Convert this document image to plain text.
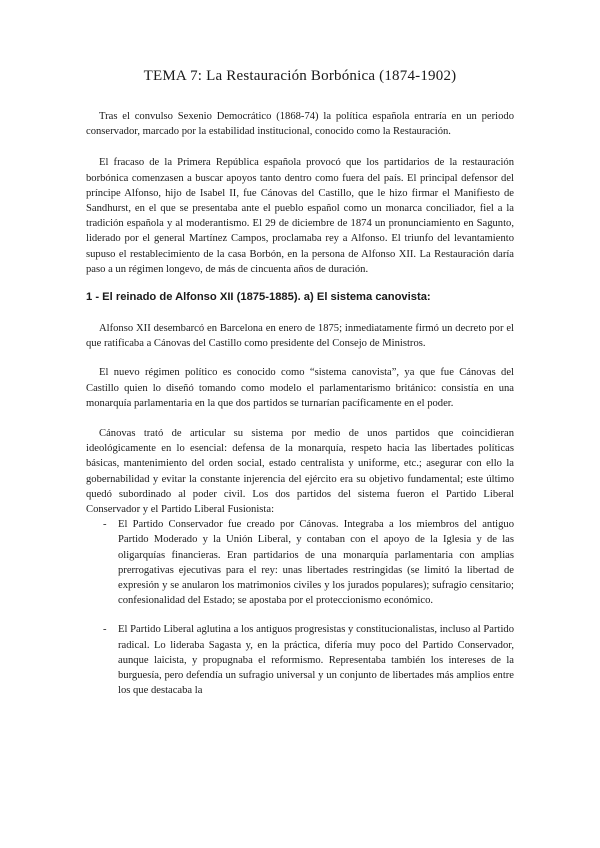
TEMA 7: La Restauración Borbónica (1874-1902)

Tras el convulso Sexenio Democrático (1868-74) la política española entraría en un periodo conservador, marcado por la estabilidad institucional, conocido como la Restauración.

El fracaso de la Primera República española provocó que los partidarios de la restauración borbónica comenzasen a buscar apoyos tanto dentro como fuera del país. El principal defensor del príncipe Alfonso, hijo de Isabel II, fue Cánovas del Castillo, que le hizo firmar el Manifiesto de Sandhurst, en el que se presentaba ante el pueblo español como un monarca conciliador, fiel a la tradición española y al moderantismo. El 29 de diciembre de 1874 un pronunciamiento en Sagunto, liderado por el general Martínez Campos, proclamaba rey a Alfonso. El triunfo del levantamiento supuso el restablecimiento de la casa Borbón, en la persona de Alfonso XII. La Restauración daría paso a un régimen longevo, de más de cincuenta años de duración.

1 - El reinado de Alfonso XII (1875-1885). a) El sistema canovista:

Alfonso XII desembarcó en Barcelona en enero de 1875; inmediatamente firmó un decreto por el que ratificaba a Cánovas del Castillo como presidente del Consejo de Ministros.

El nuevo régimen político es conocido como “sistema canovista”, ya que fue Cánovas del Castillo quien lo diseñó tomando como modelo el parlamentarismo británico: consistía en una monarquía parlamentaria en la que dos partidos se turnarían pacíficamente en el poder.

Cánovas trató de articular su sistema por medio de unos partidos que coincidieran ideológicamente en lo esencial: defensa de la monarquía, respeto hacia las libertades políticas básicas, mantenimiento del orden social, estado centralista y uniforme, etc.; asegurar con ello la gobernabilidad y evitar la constante injerencia del ejército era su objetivo fundamental; este último quedó subordinado al poder civil. Los dos partidos del sistema fueron el Partido Liberal Conservador y el Partido Liberal Fusionista:

- El Partido Conservador fue creado por Cánovas. Integraba a los miembros del antiguo Partido Moderado y la Unión Liberal, y contaban con el apoyo de la Iglesia y de las oligarquías financieras. Eran partidarios de una monarquía parlamentaria con amplias prerrogativas ejecutivas para el rey: unas libertades restringidas (se limitó la libertad de expresión y se anularon los matrimonios civiles y los jurados populares); sufragio censitario; confesionalidad del Estado; se apostaba por el proteccionismo económico.
- El Partido Liberal aglutina a los antiguos progresistas y constitucionalistas, incluso al Partido radical. Lo lideraba Sagasta y, en la práctica, difería muy poco del Partido Conservador, aunque laicista, y propugnaba el reformismo. Representaba también los intereses de la burguesía, pero defendía un sufragio universal y un conjunto de libertades más amplios entre los que destacaba la
